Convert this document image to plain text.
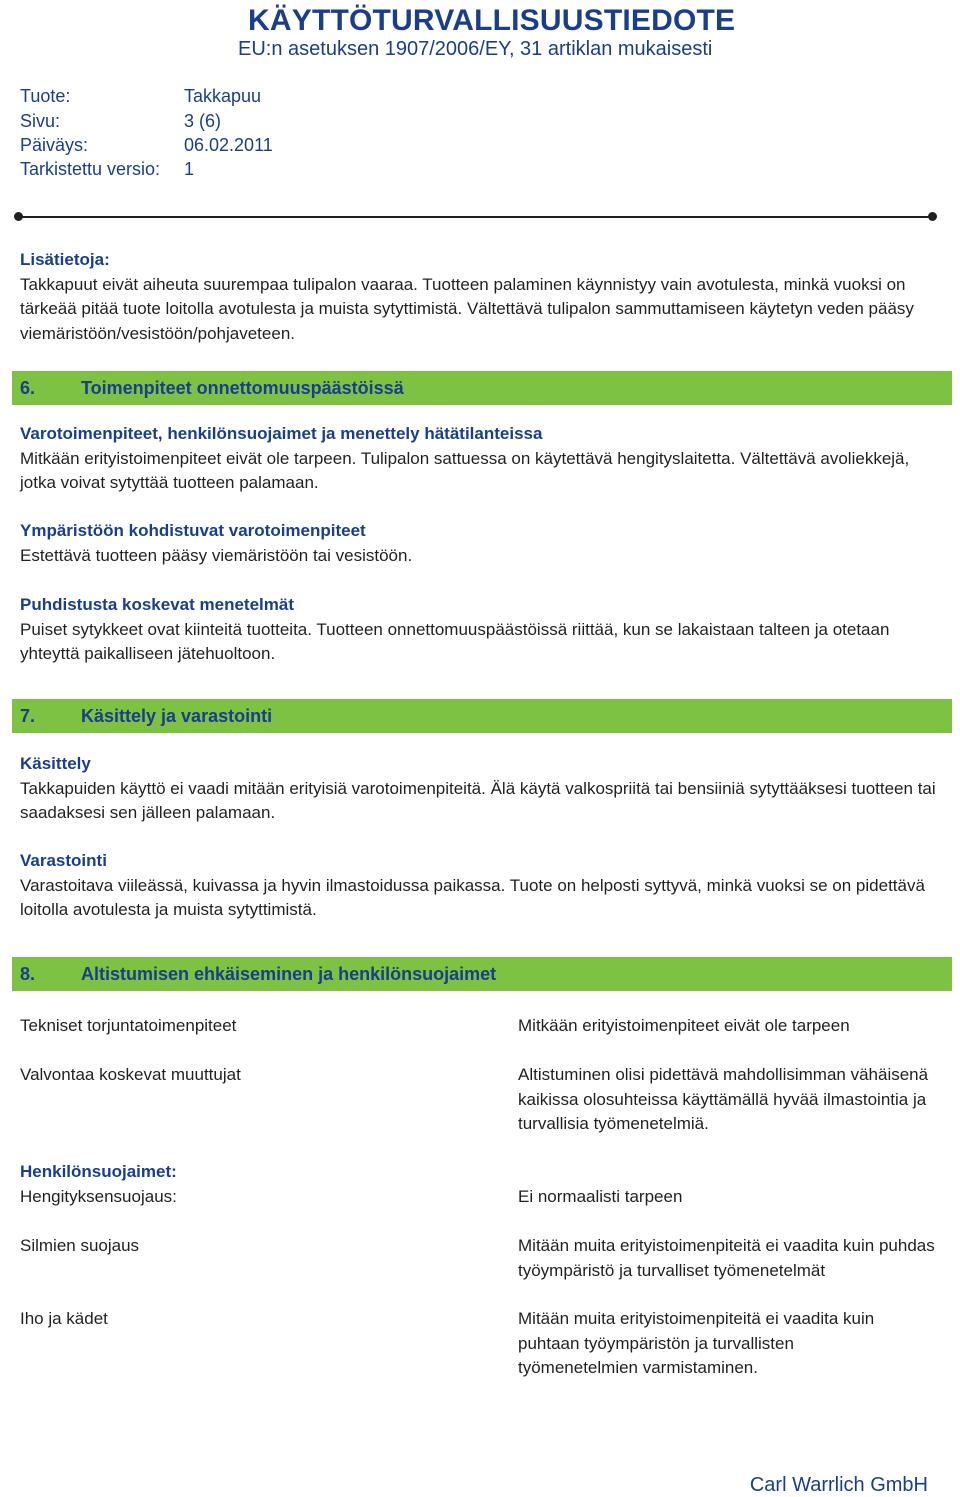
KÄYTTÖTURVALLISUUSTIEDOTE
EU:n asetuksen 1907/2006/EY, 31 artiklan mukaisesti
Tuote:	Takkapuu
Sivu:	3 (6)
Päiväys:	06.02.2011
Tarkistettu versio: 1
Lisätietoja:
Takkapuut eivät aiheuta suurempaa tulipalon vaaraa. Tuotteen palaminen käynnistyy vain avotulesta, minkä vuoksi on tärkeää pitää tuote loitolla avotulesta ja muista sytyttimistä. Vältettävä tulipalon sammuttamiseen käytetyn veden pääsy viemäristöön/vesistöön/pohjaveteen.
6.	Toimenpiteet onnettomuuspäästöissä
Varotoimenpiteet, henkilönsuojaimet ja menettely hätätilanteissa
Mitkään erityistoimenpiteet eivät ole tarpeen. Tulipalon sattuessa on käytettävä hengityslaitetta. Vältettävä avoliekkejä, jotka voivat sytyttää tuotteen palamaan.
Ympäristöön kohdistuvat varotoimenpiteet
Estettävä tuotteen pääsy viemäristöön tai vesistöön.
Puhdistusta koskevat menetelmät
Puiset sytykkeet ovat kiinteitä tuotteita. Tuotteen onnettomuuspäästöissä riittää, kun se lakaistaan talteen ja otetaan yhteyttä paikalliseen jätehuoltoon.
7.	Käsittely ja varastointi
Käsittely
Takkapuiden käyttö ei vaadi mitään erityisiä varotoimenpiteitä. Älä käytä valkospriitä tai bensiiniä sytyttääksesi tuotteen tai saadaksesi sen jälleen palamaan.
Varastointi
Varastoitava viileässä, kuivassa ja hyvin ilmastoidussa paikassa. Tuote on helposti syttyvä, minkä vuoksi se on pidettävä loitolla avotulesta ja muista sytyttimistä.
8.	Altistumisen ehkäiseminen ja henkilönsuojaimet
Tekniset torjuntatoimenpiteet	Mitkään erityistoimenpiteet eivät ole tarpeen
Valvontaa koskevat muuttujat	Altistuminen olisi pidettävä mahdollisimman vähäisenä kaikissa olosuhteissa käyttämällä hyvää ilmastointia ja turvallisia työmenetelmiä.
Henkilönsuojaimet:
Hengityksensuojaus:	Ei normaalisti tarpeen
Silmien suojaus	Mitään muita erityistoimenpiteitä ei vaadita kuin puhdas työympäristö ja turvalliset työmenetelmät
Iho ja kädet	Mitään muita erityistoimenpiteitä ei vaadita kuin puhtaan työympäristön ja turvallisten työmenetelmien varmistaminen.
Carl Warrlich GmbH
